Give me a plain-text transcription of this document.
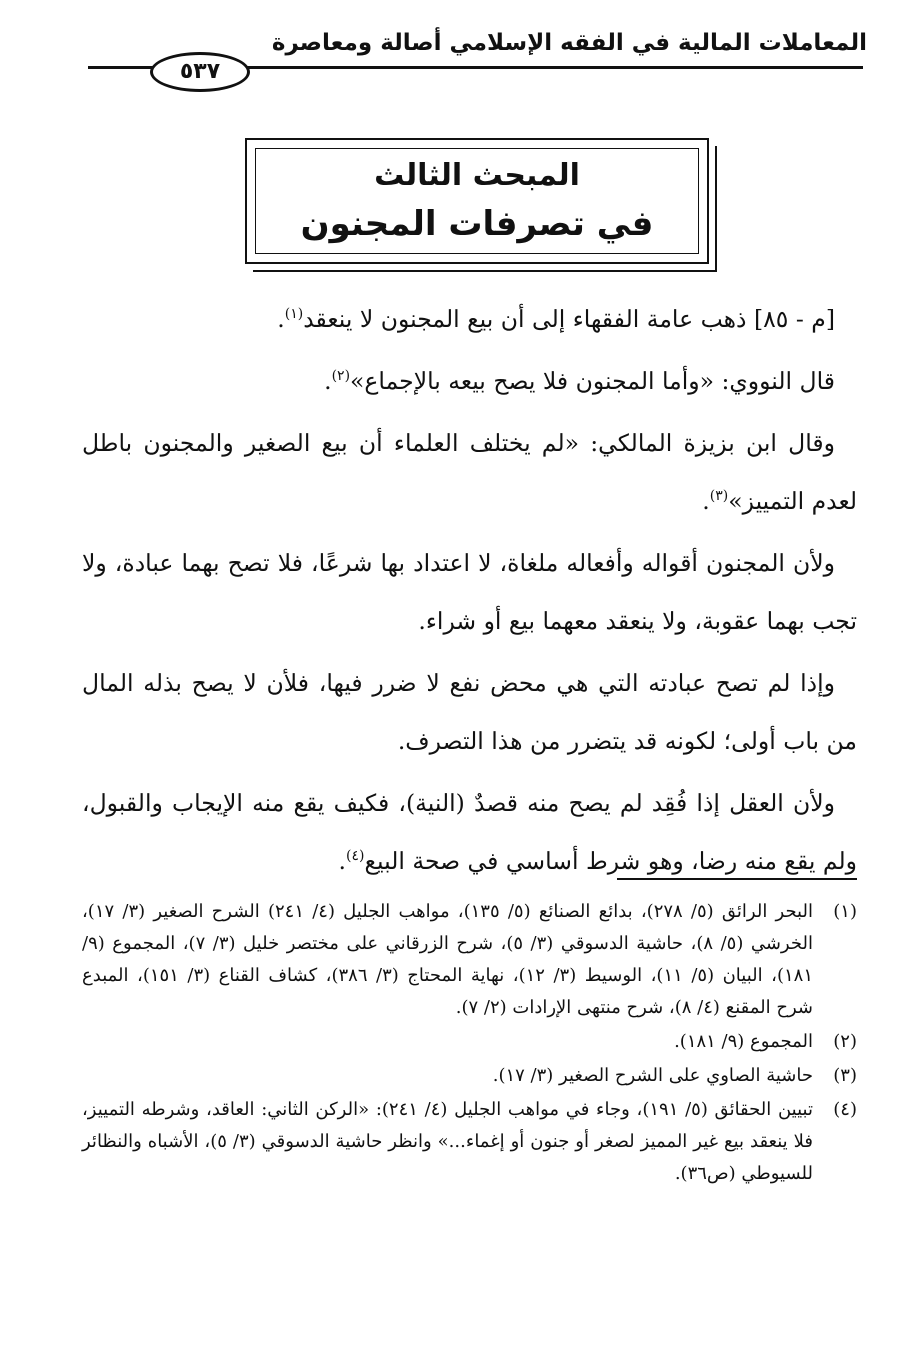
المعاملات المالية في الفقه الإسلامي أصالة ومعاصرة
٥٣٧
المبحث الثالث
في تصرفات المجنون

[م - ٨٥] ذهب عامة الفقهاء إلى أن بيع المجنون لا ينعقد$^{(١)}$.

قال النووي: «وأما المجنون فلا يصح بيعه بالإجماع»$^{(٢)}$.

وقال ابن بزيزة المالكي: «لم يختلف العلماء أن بيع الصغير والمجنون باطل لعدم التمييز»$^{(٣)}$.

ولأن المجنون أقواله وأفعاله ملغاة، لا اعتداد بها شرعًا، فلا تصح بهما عبادة، ولا تجب بهما عقوبة، ولا ينعقد معهما بيع أو شراء.

وإذا لم تصح عبادته التي هي محض نفع لا ضرر فيها، فلأن لا يصح بذله المال من باب أولى؛ لكونه قد يتضرر من هذا التصرف.

ولأن العقل إذا فُقِد لم يصح منه قصدٌ (النية)، فكيف يقع منه الإيجاب والقبول، ولم يقع منه رضا، وهو شرط أساسي في صحة البيع$^{(٤)}$.

(١)
البحر الرائق (٥/ ٢٧٨)، بدائع الصنائع (٥/ ١٣٥)، مواهب الجليل (٤/ ٢٤١) الشرح الصغير (٣/ ١٧)، الخرشي (٥/ ٨)، حاشية الدسوقي (٣/ ٥)، شرح الزرقاني على مختصر خليل (٣/ ٧)، المجموع (٩/ ١٨١)، البيان (٥/ ١١)، الوسيط (٣/ ١٢)، نهاية المحتاج (٣/ ٣٨٦)، كشاف القناع (٣/ ١٥١)، المبدع شرح المقنع (٤/ ٨)، شرح منتهى الإرادات (٢/ ٧).
(٢)
المجموع (٩/ ١٨١).
(٣)
حاشية الصاوي على الشرح الصغير (٣/ ١٧).
(٤)
تبيين الحقائق (٥/ ١٩١)، وجاء في مواهب الجليل (٤/ ٢٤١): «الركن الثاني: العاقد، وشرطه التمييز، فلا ينعقد بيع غير المميز لصغر أو جنون أو إغماء...» وانظر حاشية الدسوقي (٣/ ٥)، الأشباه والنظائر للسيوطي (ص٣٦).
